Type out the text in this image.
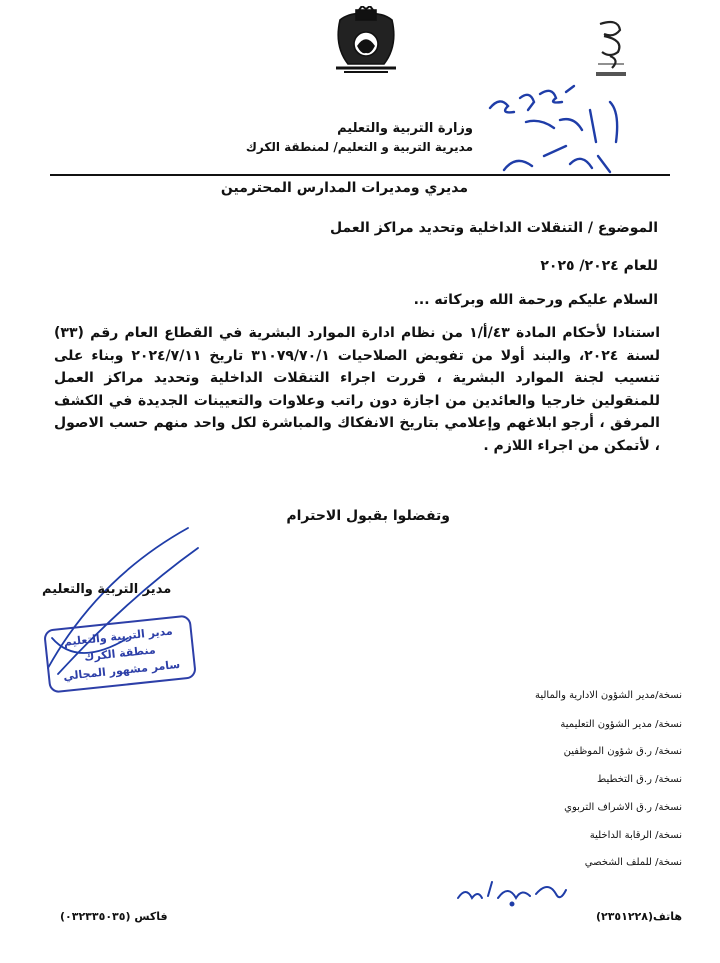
وزارة التربية والتعليم
مديرية التربية و التعليم/ لمنطقة الكرك
مديري ومديرات المدارس المحترمين
الموضوع / التنقلات الداخلية وتحديد مراكز العمل
للعام ٢٠٢٤/ ٢٠٢٥
السلام عليكم ورحمة الله وبركاته ...
استنادا لأحكام المادة ٤٣/أ/١ من نظام ادارة الموارد البشرية في القطاع العام رقم (٣٣) لسنة ٢٠٢٤، والبند أولا من تفويض الصلاحيات ٣١٠٧٩/٧٠/١ تاريخ ٢٠٢٤/٧/١١ وبناء على تنسيب لجنة الموارد البشرية ، قررت اجراء التنقلات الداخلية وتحديد مراكز العمل للمنقولين خارجيا والعائدين من اجازة دون راتب وعلاوات والتعيينات الجديدة في الكشف المرفق ، أرجو ابلاغهم وإعلامي بتاريخ الانفكاك والمباشرة لكل واحد منهم حسب الاصول ، لأتمكن من اجراء اللازم .
وتفضلوا بقبول الاحترام
مدير التربية والتعليم
مدير التربية والتعليم
منطقة الكرك
سامر مشهور المجالي
نسخة/مدير الشؤون الادارية والمالية
نسخة/ مدير الشؤون التعليمية
نسخة/ ر.ق شؤون الموظفين
نسخة/ ر.ق التخطيط
نسخة/ ر.ق الاشراف التربوي
نسخة/ الرقابة الداخلية
نسخة/ للملف الشخصي
هاتف(٢٣٥١٢٢٨)
فاكس (٠٣٢٣٣٥٠٣٥)
